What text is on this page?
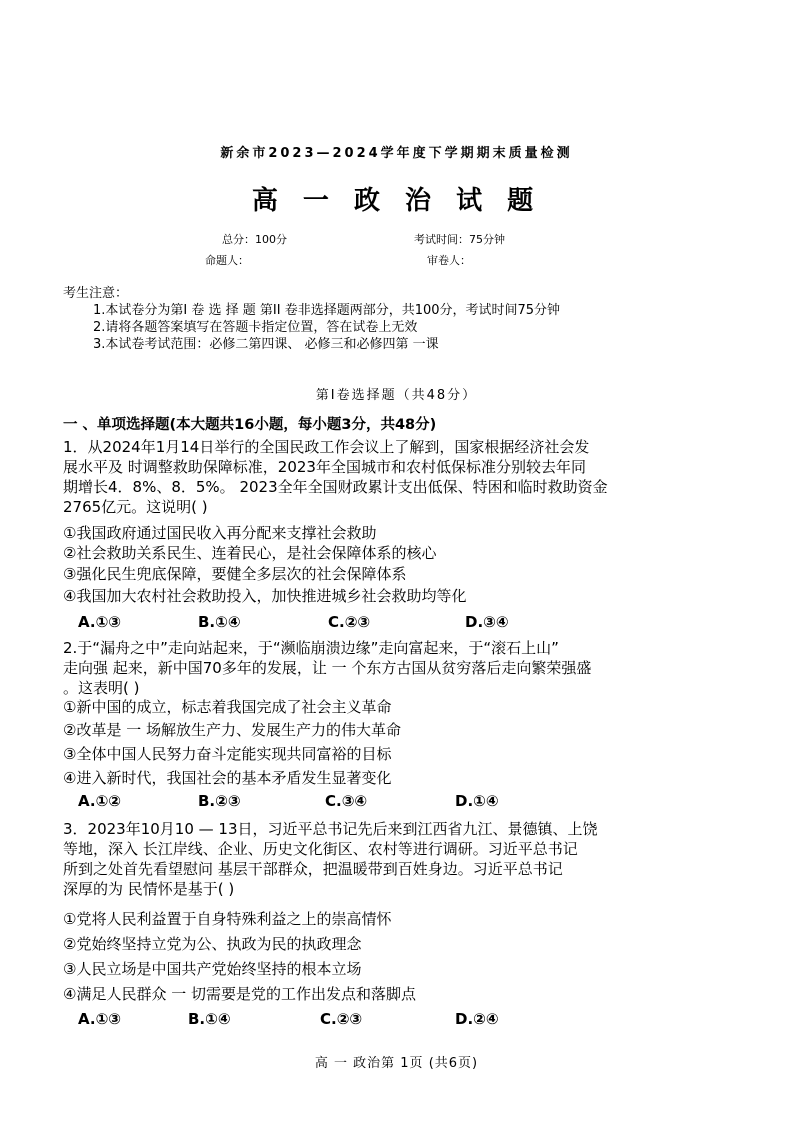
新余市2023—2024学年度下学期期末质量检测
高 一 政 治 试 题
总分：100分	考试时间：75分钟
命题人：	审卷人：
考生注意：
1.本试卷分为第I 卷 选 择 题 第II 卷非选择题两部分，共100分，考试时间75分钟
2.请将各题答案填写在答题卡指定位置，答在试卷上无效
3.本试卷考试范围：必修二第四课、 必修三和必修四第 一课
第I卷选择题（共48分）
一 、单项选择题(本大题共16小题，每小题3分，共48分)
1．从2024年1月14日举行的全国民政工作会议上了解到，国家根据经济社会发
展水平及 时调整救助保障标准，2023年全国城市和农村低保标准分别较去年同
期增长4．8%、8．5%。 2023全年全国财政累计支出低保、特困和临时救助资金
2765亿元。这说明( )
①我国政府通过国民收入再分配来支撑社会救助
②社会救助关系民生、连着民心，是社会保障体系的核心
③强化民生兜底保障，要健全多层次的社会保障体系
④我国加大农村社会救助投入，加快推进城乡社会救助均等化
A.①③	B.①④	C.②③	D.③④
2.于“漏舟之中”走向站起来，于“濒临崩溃边缘”走向富起来，于“滚石上山”
走向强 起来，新中国70多年的发展，让 一 个东方古国从贫穷落后走向繁荣强盛
。这表明( )
①新中国的成立，标志着我国完成了社会主义革命
②改革是 一 场解放生产力、发展生产力的伟大革命
③全体中国人民努力奋斗定能实现共同富裕的目标
④进入新时代，我国社会的基本矛盾发生显著变化
A.①②	B.②③	C.③④	D.①④
3．2023年10月10 — 13日，习近平总书记先后来到江西省九江、景德镇、上饶
等地，深入 长江岸线、企业、历史文化街区、农村等进行调研。习近平总书记
所到之处首先看望慰问 基层干部群众，把温暖带到百姓身边。习近平总书记
深厚的为 民情怀是基于( )
①党将人民利益置于自身特殊利益之上的崇高情怀
②党始终坚持立党为公、执政为民的执政理念
③人民立场是中国共产党始终坚持的根本立场
④满足人民群众 一 切需要是党的工作出发点和落脚点
A.①③	B.①④	C.②③	D.②④
高 一 政治第 1页 (共6页)
